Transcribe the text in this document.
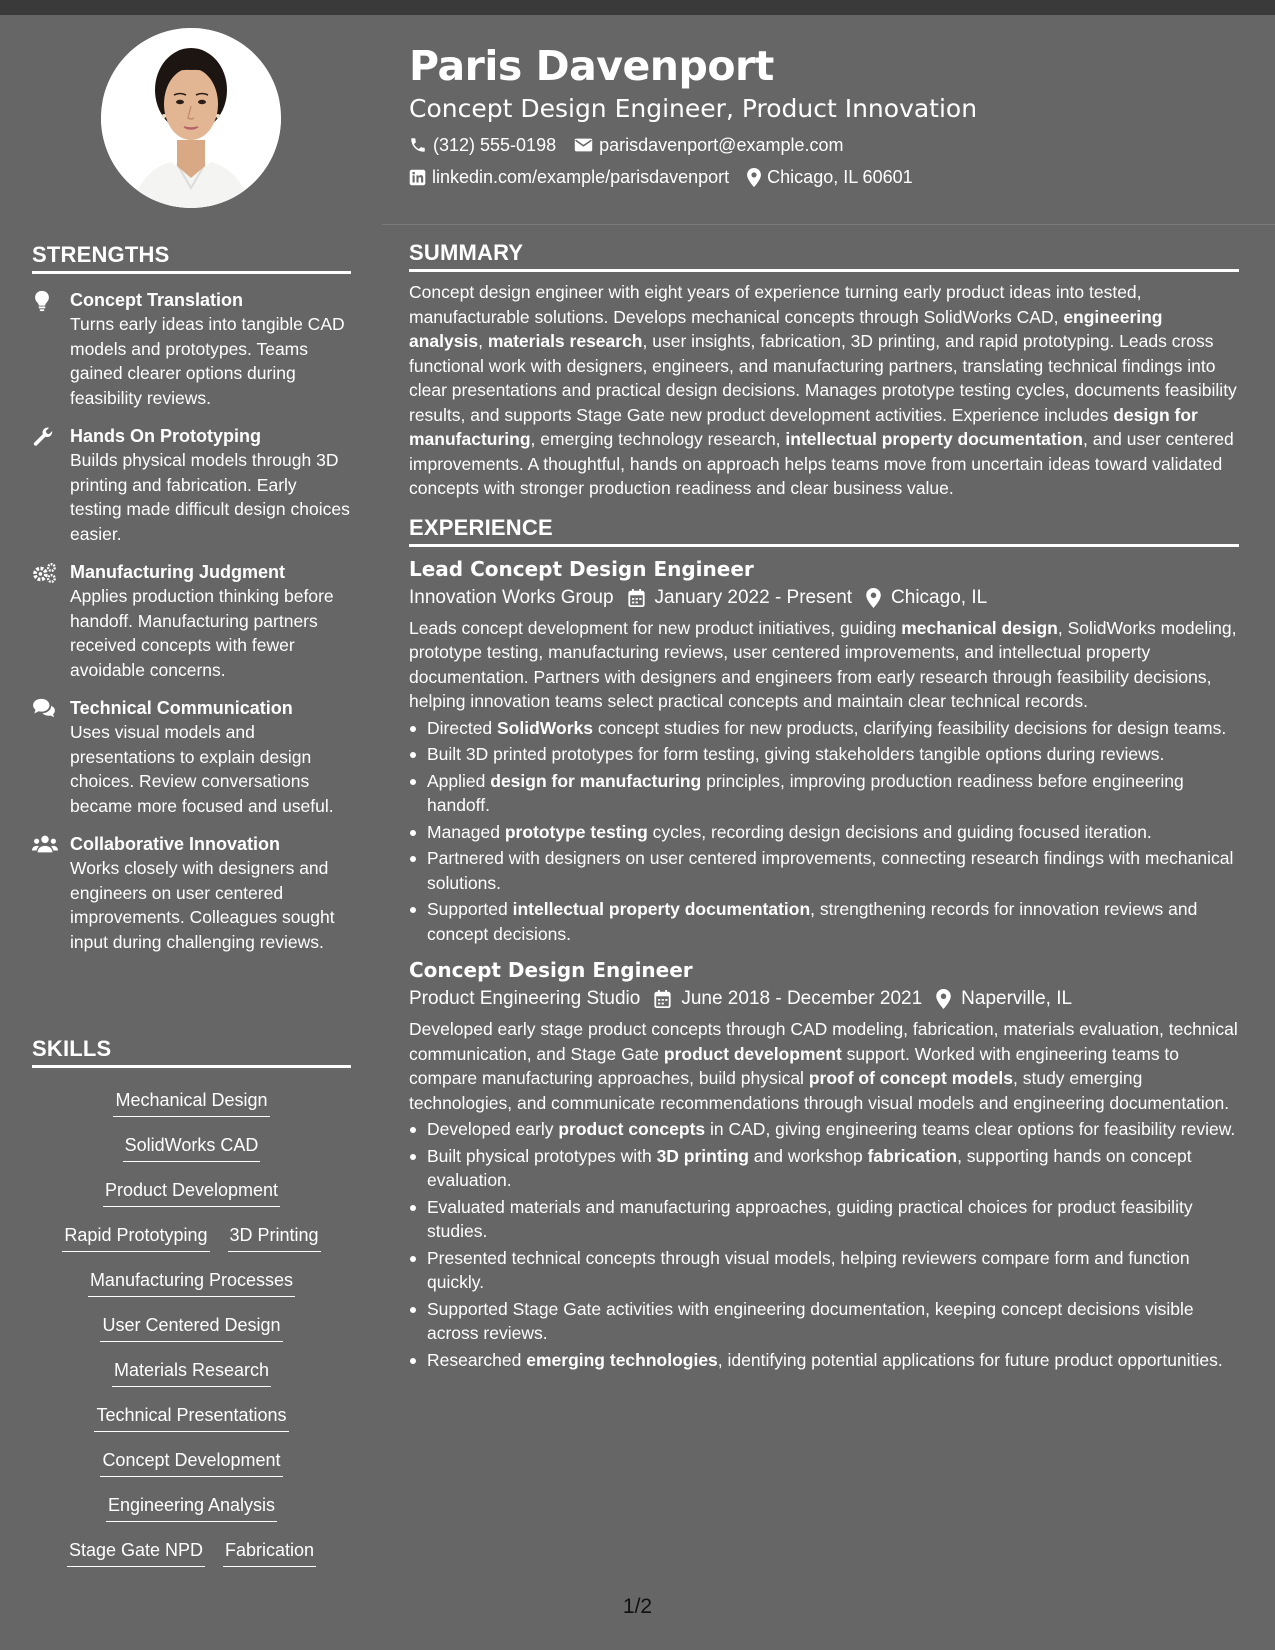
STRENGTHS
Concept Translation
Turns early ideas into tangible CAD models and prototypes. Teams gained clearer options during feasibility reviews.
Hands On Prototyping
Builds physical models through 3D printing and fabrication. Early testing made difficult design choices easier.
Manufacturing Judgment
Applies production thinking before handoff. Manufacturing partners received concepts with fewer avoidable concerns.
Technical Communication
Uses visual models and presentations to explain design choices. Review conversations became more focused and useful.
Collaborative Innovation
Works closely with designers and engineers on user centered improvements. Colleagues sought input during challenging reviews.
SKILLS
Mechanical Design
SolidWorks CAD
Product Development
Rapid Prototyping 3D Printing
Manufacturing Processes
User Centered Design
Materials Research
Technical Presentations
Concept Development
Engineering Analysis
Stage Gate NPD Fabrication
Paris Davenport
Concept Design Engineer, Product Innovation
(312) 555-0198 parisdavenport@example.com
linkedin.com/example/parisdavenport Chicago, IL 60601
SUMMARY

Concept design engineer with eight years of experience turning early product ideas into tested, manufacturable solutions. Develops mechanical concepts through SolidWorks CAD, engineering analysis, materials research, user insights, fabrication, 3D printing, and rapid prototyping. Leads cross functional work with designers, engineers, and manufacturing partners, translating technical findings into clear presentations and practical design decisions. Manages prototype testing cycles, documents feasibility results, and supports Stage Gate new product development activities. Experience includes design for manufacturing, emerging technology research, intellectual property documentation, and user centered improvements. A thoughtful, hands on approach helps teams move from uncertain ideas toward validated concepts with stronger production readiness and clear business value.

EXPERIENCE
Lead Concept Design Engineer
Innovation Works Group January 2022 - Present Chicago, IL

Leads concept development for new product initiatives, guiding mechanical design, SolidWorks modeling, prototype testing, manufacturing reviews, user centered improvements, and intellectual property documentation. Partners with designers and engineers from early research through feasibility decisions, helping innovation teams select practical concepts and maintain clear technical records.

Directed SolidWorks concept studies for new products, clarifying feasibility decisions for design teams.
Built 3D printed prototypes for form testing, giving stakeholders tangible options during reviews.
Applied design for manufacturing principles, improving production readiness before engineering handoff.
Managed prototype testing cycles, recording design decisions and guiding focused iteration.
Partnered with designers on user centered improvements, connecting research findings with mechanical solutions.
Supported intellectual property documentation, strengthening records for innovation reviews and concept decisions.
Concept Design Engineer
Product Engineering Studio June 2018 - December 2021 Naperville, IL

Developed early stage product concepts through CAD modeling, fabrication, materials evaluation, technical communication, and Stage Gate product development support. Worked with engineering teams to compare manufacturing approaches, build physical proof of concept models, study emerging technologies, and communicate recommendations through visual models and engineering documentation.

Developed early product concepts in CAD, giving engineering teams clear options for feasibility review.
Built physical prototypes with 3D printing and workshop fabrication, supporting hands on concept evaluation.
Evaluated materials and manufacturing approaches, guiding practical choices for product feasibility studies.
Presented technical concepts through visual models, helping reviewers compare form and function quickly.
Supported Stage Gate activities with engineering documentation, keeping concept decisions visible across reviews.
Researched emerging technologies, identifying potential applications for future product opportunities.
1/2
